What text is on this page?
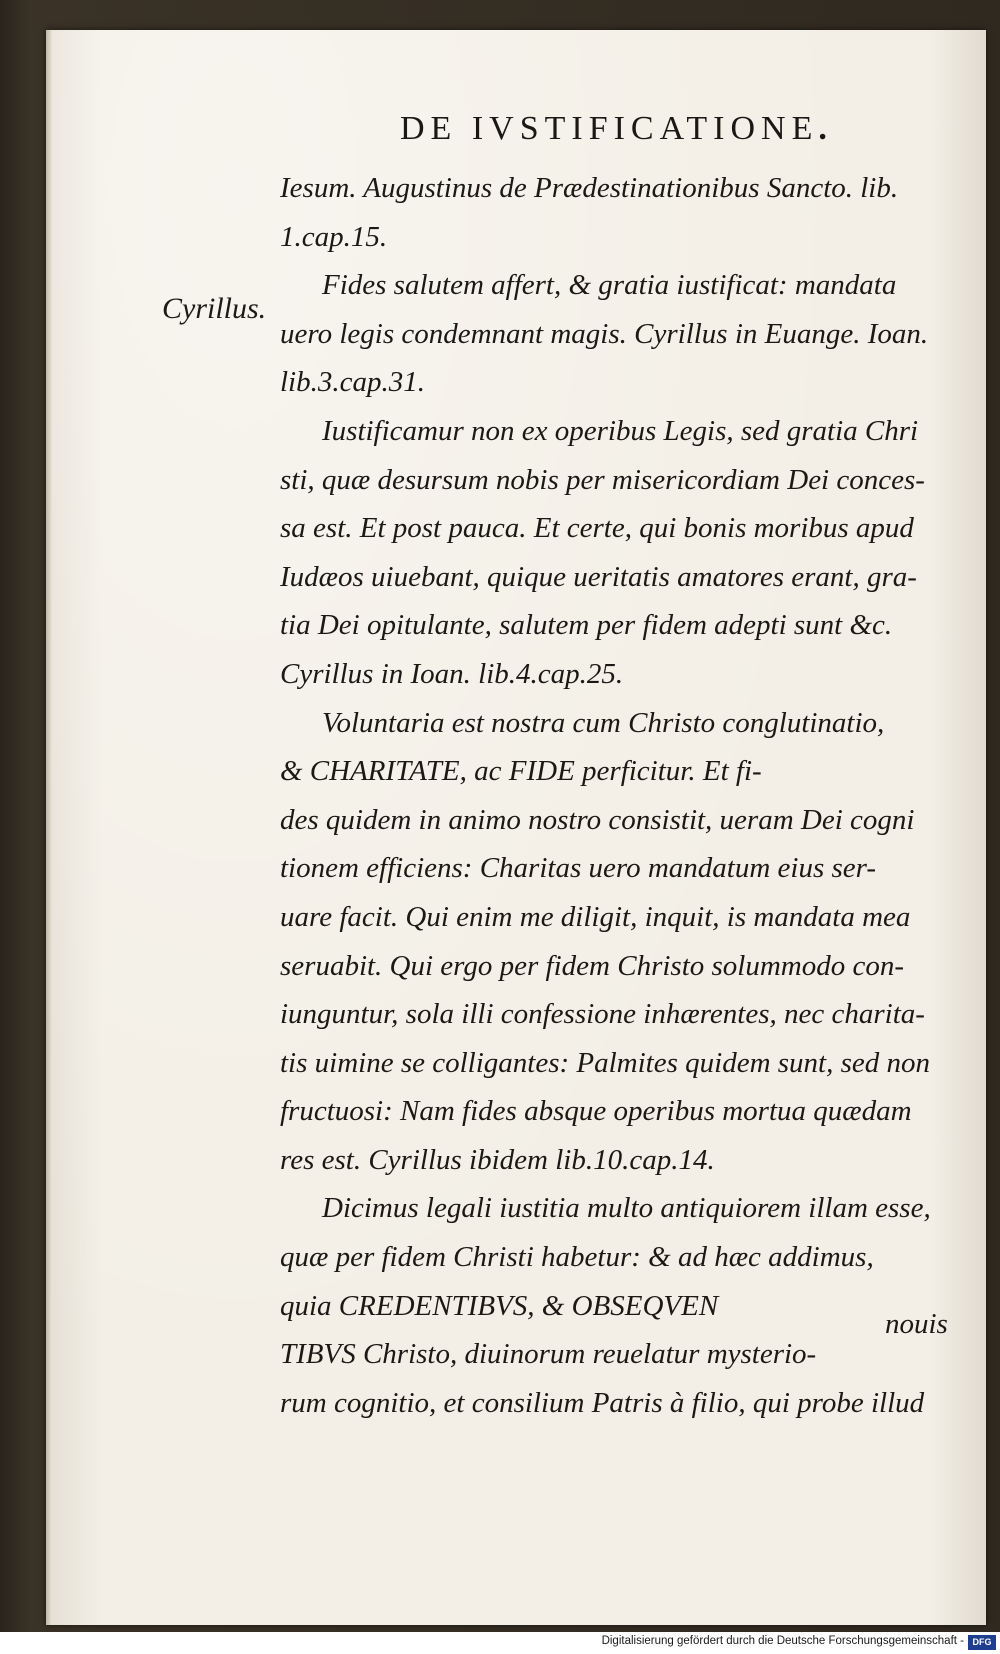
DE IVSTIFICATIONE.
Cyrillus.
Iesum. Augustinus de Prædestinationibus Sancto. lib.
1.cap.15.
Fides salutem affert, & gratia iustificat: mandata
uero legis condemnant magis. Cyrillus in Euange. Ioan.
lib.3.cap.31.
Iustificamur non ex operibus Legis, sed gratia Chri
sti, quæ desursum nobis per misericordiam Dei conces-
sa est. Et post pauca. Et certe, qui bonis moribus apud
Iudæos uiuebant, quique ueritatis amatores erant, gra-
tia Dei opitulante, salutem per fidem adepti sunt &c.
Cyrillus in Ioan. lib.4.cap.25.
Voluntaria est nostra cum Christo conglutinatio,
& CHARITATE, ac FIDE perficitur. Et fi-
des quidem in animo nostro consistit, ueram Dei cogni
tionem efficiens: Charitas uero mandatum eius ser-
uare facit. Qui enim me diligit, inquit, is mandata mea
seruabit. Qui ergo per fidem Christo solummodo con-
iunguntur, sola illi confessione inhærentes, nec charita-
tis uimine se colligantes: Palmites quidem sunt, sed non
fructuosi: Nam fides absque operibus mortua quædam
res est. Cyrillus ibidem lib.10.cap.14.
Dicimus legali iustitia multo antiquiorem illam esse,
quæ per fidem Christi habetur: & ad hæc addimus,
quia CREDENTIBVS, & OBSEQVEN
TIBVS Christo, diuinorum reuelatur mysterio-
rum cognitio, et consilium Patris à filio, qui probe illud
nouis
Digitalisierung gefördert durch die Deutsche Forschungsgemeinschaft - DFG
